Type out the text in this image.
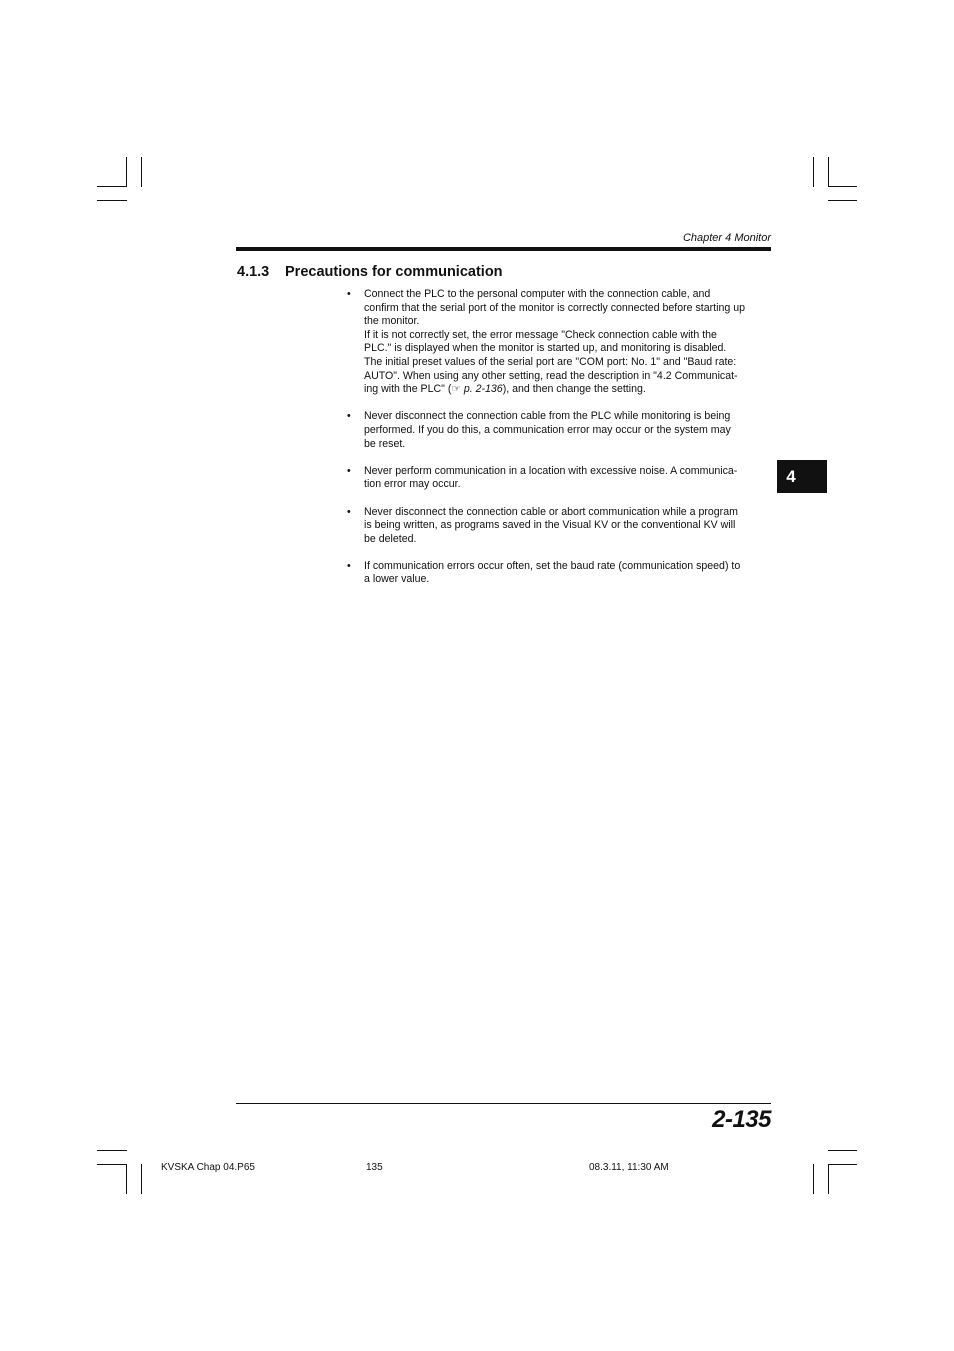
Chapter 4 Monitor
4.1.3 Precautions for communication
• Connect the PLC to the personal computer with the connection cable, and
confirm that the serial port of the monitor is correctly connected before starting up
the monitor.
If it is not correctly set, the error message "Check connection cable with the
PLC." is displayed when the monitor is started up, and monitoring is disabled.
The initial preset values of the serial port are "COM port: No. 1" and "Baud rate:
AUTO". When using any other setting, read the description in "4.2 Communicat-
ing with the PLC" (☞ p. 2-136), and then change the setting.
• Never disconnect the connection cable from the PLC while monitoring is being
performed. If you do this, a communication error may occur or the system may
be reset.
• Never perform communication in a location with excessive noise. A communica-
tion error may occur.
• Never disconnect the connection cable or abort communication while a program
is being written, as programs saved in the Visual KV or the conventional KV will
be deleted.
• If communication errors occur often, set the baud rate (communication speed) to
a lower value.
4
2-135
KVSKA Chap 04.P65	135	08.3.11, 11:30 AM
